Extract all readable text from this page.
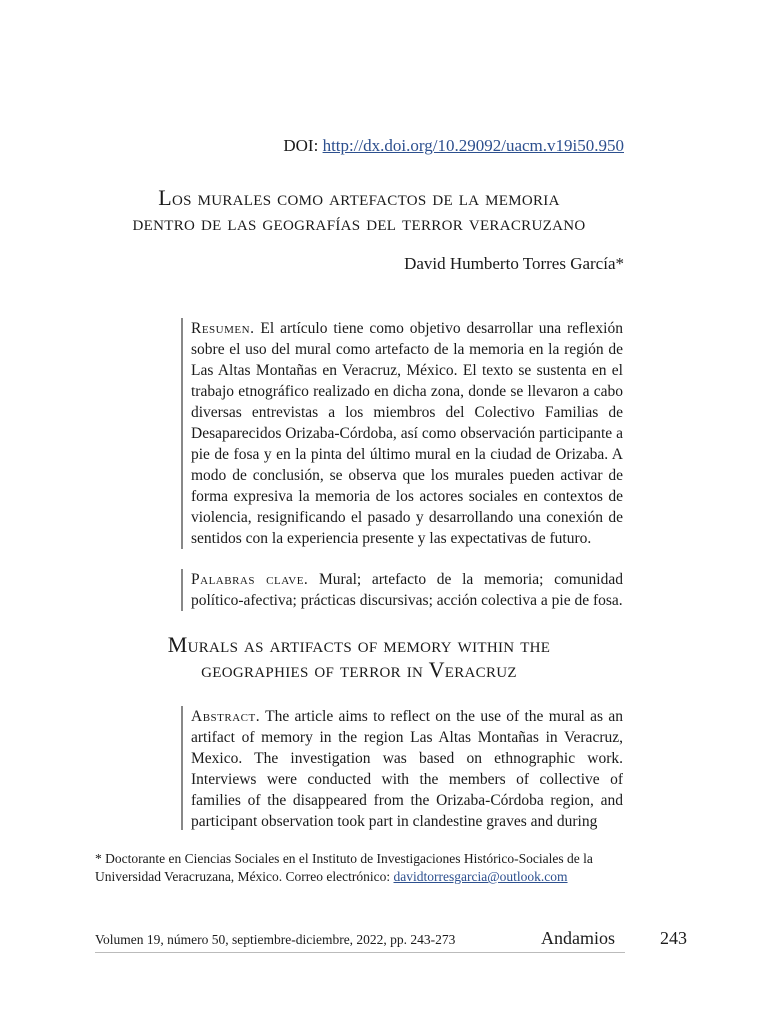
DOI: http://dx.doi.org/10.29092/uacm.v19i50.950
Los murales como artefactos de la memoria
dentro de las geografías del terror veracruzano
David Humberto Torres García*
Resumen. El artículo tiene como objetivo desarrollar una reflexión sobre el uso del mural como artefacto de la memoria en la región de Las Altas Montañas en Veracruz, México. El texto se sustenta en el trabajo etnográfico realizado en dicha zona, donde se llevaron a cabo diversas entrevistas a los miembros del Colectivo Familias de Desaparecidos Orizaba-Córdoba, así como observación participante a pie de fosa y en la pinta del último mural en la ciudad de Orizaba. A modo de conclusión, se observa que los murales pueden activar de forma expresiva la memoria de los actores sociales en contextos de violencia, resignificando el pasado y desarrollando una conexión de sentidos con la experiencia presente y las expectativas de futuro.
Palabras clave. Mural; artefacto de la memoria; comunidad político-afectiva; prácticas discursivas; acción colectiva a pie de fosa.
Murals as artifacts of memory within the
geographies of terror in Veracruz
Abstract. The article aims to reflect on the use of the mural as an artifact of memory in the region Las Altas Montañas in Veracruz, Mexico. The investigation was based on ethnographic work. Interviews were conducted with the members of collective of families of the disappeared from the Orizaba-Córdoba region, and participant observation took part in clandestine graves and during
* Doctorante en Ciencias Sociales en el Instituto de Investigaciones Histórico-Sociales de la Universidad Veracruzana, México. Correo electrónico: davidtorresgarcia@outlook.com
Volumen 19, número 50, septiembre-diciembre, 2022, pp. 243-273	Andamios	243
